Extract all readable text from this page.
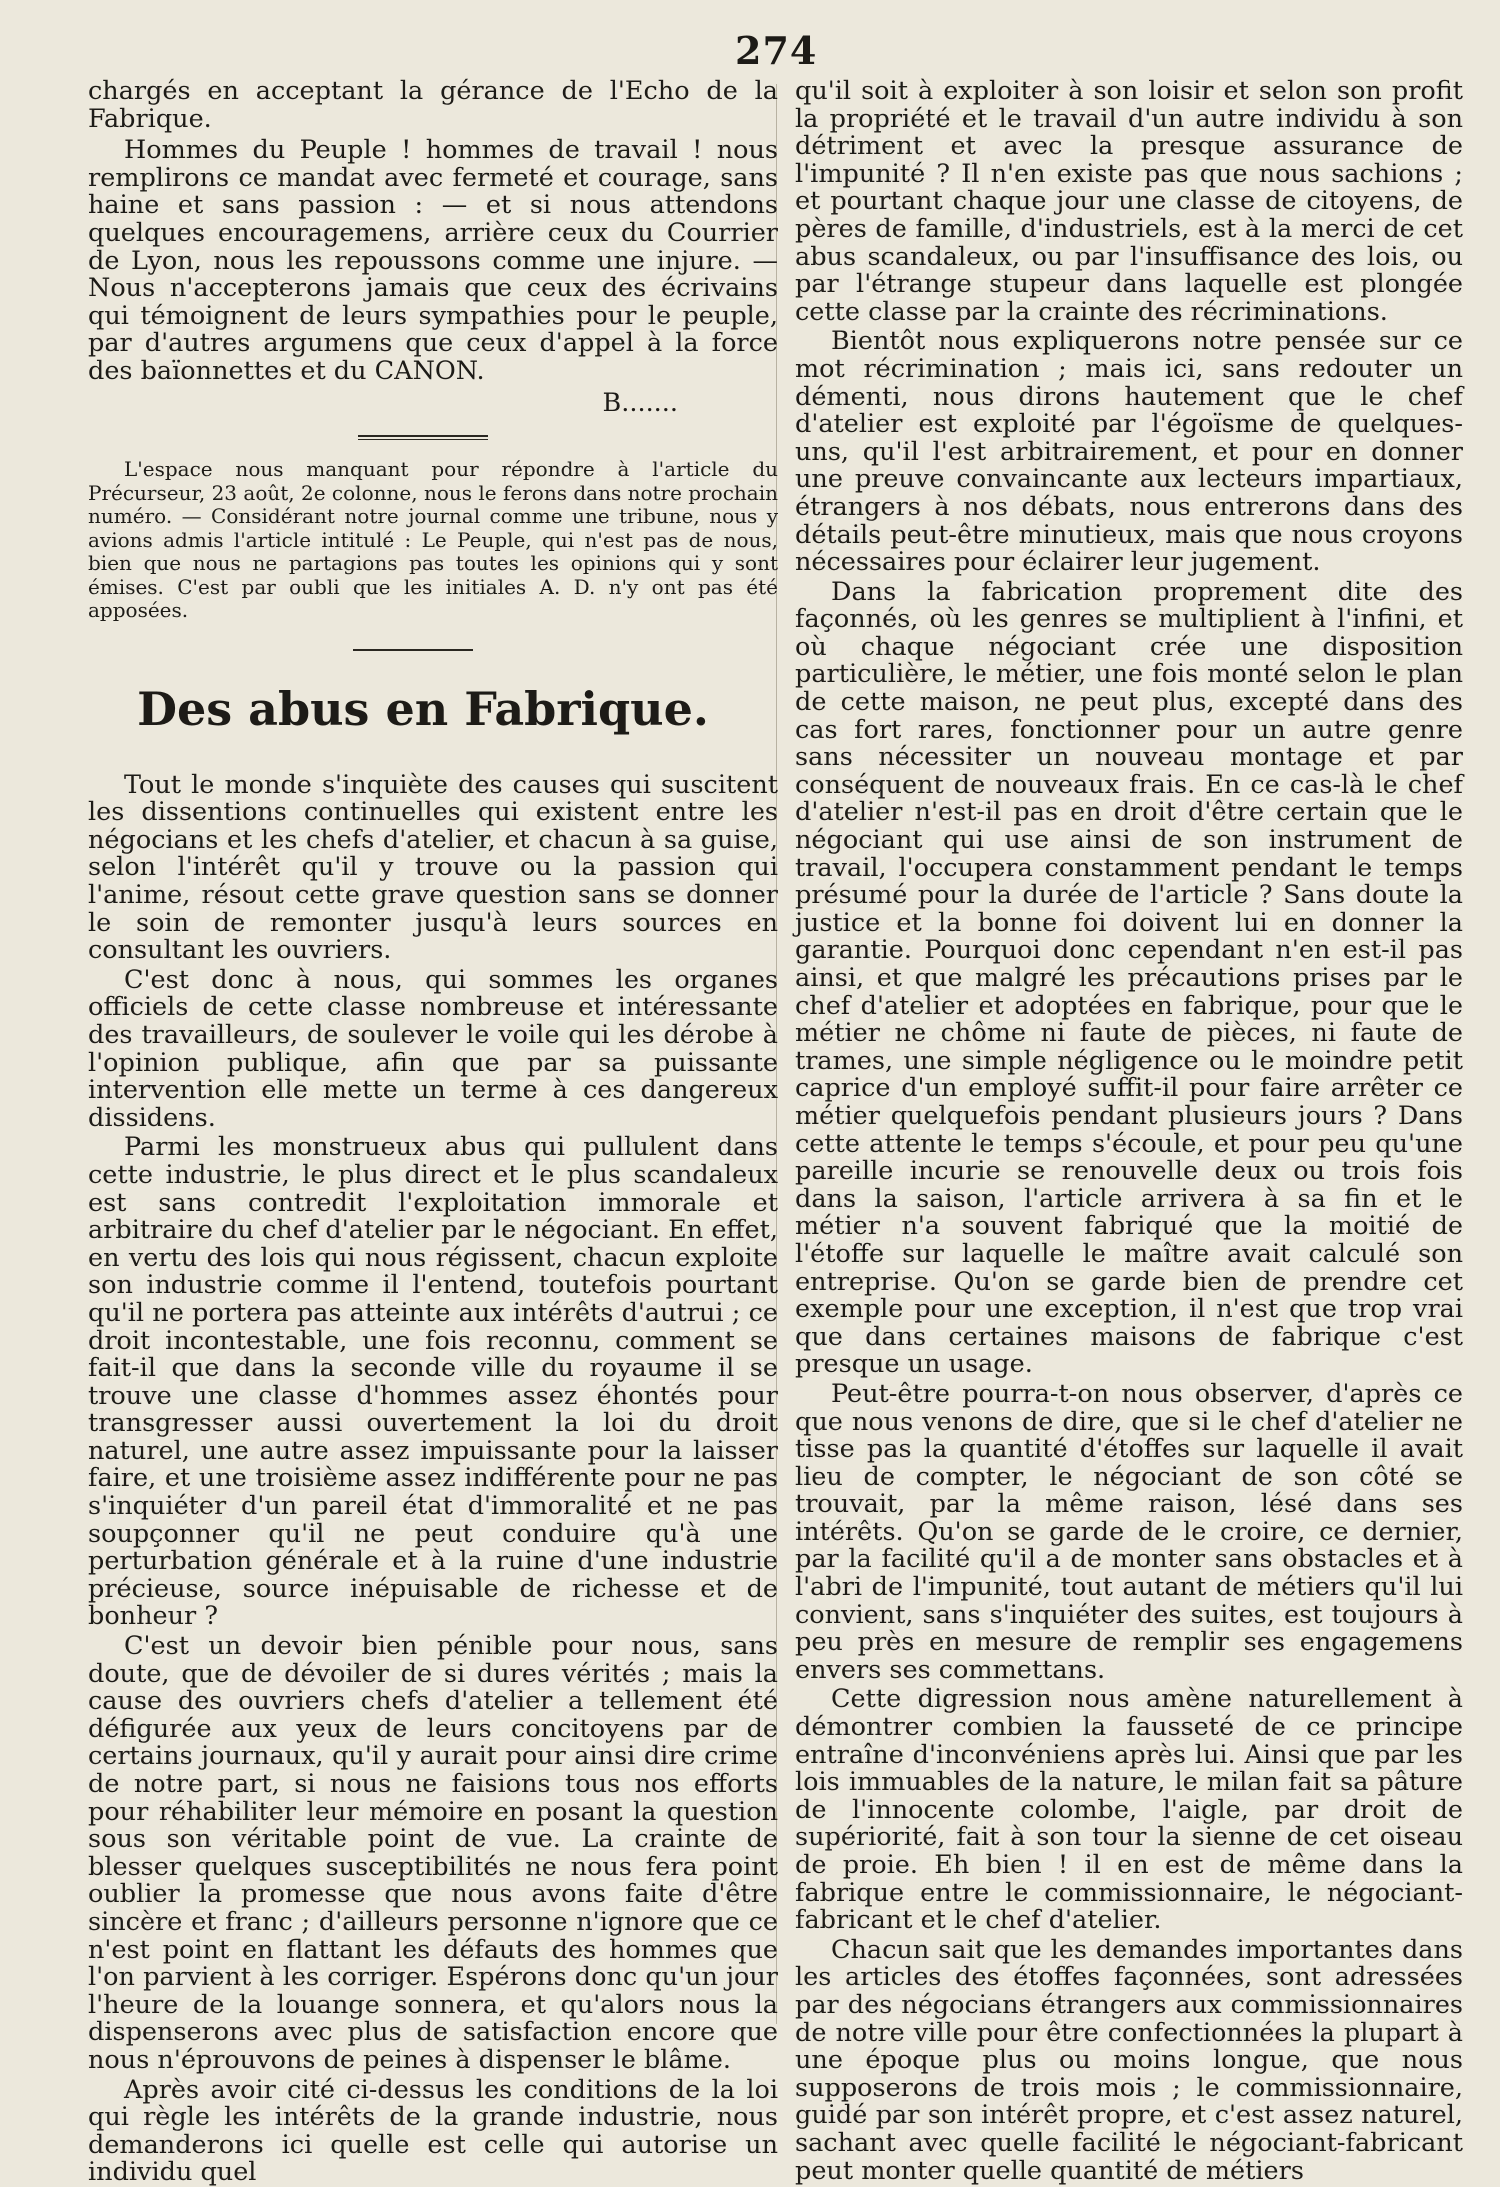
274

chargés en acceptant la gérance de l'Echo de la Fabrique.

Hommes du Peuple ! hommes de travail ! nous remplirons ce mandat avec fermeté et courage, sans haine et sans passion : — et si nous attendons quelques encouragemens, arrière ceux du Courrier de Lyon, nous les repoussons comme une injure. — Nous n'accepterons jamais que ceux des écrivains qui témoignent de leurs sympathies pour le peuple, par d'autres argumens que ceux d'appel à la force des baïonnettes et du CANON.

B.......

L'espace nous manquant pour répondre à l'article du Précurseur, 23 août, 2e colonne, nous le ferons dans notre prochain numéro. — Considérant notre journal comme une tribune, nous y avions admis l'article intitulé : Le Peuple, qui n'est pas de nous, bien que nous ne partagions pas toutes les opinions qui y sont émises. C'est par oubli que les initiales A. D. n'y ont pas été apposées.

Des abus en Fabrique.

Tout le monde s'inquiète des causes qui suscitent les dissentions continuelles qui existent entre les négocians et les chefs d'atelier, et chacun à sa guise, selon l'intérêt qu'il y trouve ou la passion qui l'anime, résout cette grave question sans se donner le soin de remonter jusqu'à leurs sources en consultant les ouvriers.

C'est donc à nous, qui sommes les organes officiels de cette classe nombreuse et intéressante des travailleurs, de soulever le voile qui les dérobe à l'opinion publique, afin que par sa puissante intervention elle mette un terme à ces dangereux dissidens.

Parmi les monstrueux abus qui pullulent dans cette industrie, le plus direct et le plus scandaleux est sans contredit l'exploitation immorale et arbitraire du chef d'atelier par le négociant. En effet, en vertu des lois qui nous régissent, chacun exploite son industrie comme il l'entend, toutefois pourtant qu'il ne portera pas atteinte aux intérêts d'autrui ; ce droit incontestable, une fois reconnu, comment se fait-il que dans la seconde ville du royaume il se trouve une classe d'hommes assez éhontés pour transgresser aussi ouvertement la loi du droit naturel, une autre assez impuissante pour la laisser faire, et une troisième assez indifférente pour ne pas s'inquiéter d'un pareil état d'immoralité et ne pas soupçonner qu'il ne peut conduire qu'à une perturbation générale et à la ruine d'une industrie précieuse, source inépuisable de richesse et de bonheur ?

C'est un devoir bien pénible pour nous, sans doute, que de dévoiler de si dures vérités ; mais la cause des ouvriers chefs d'atelier a tellement été défigurée aux yeux de leurs concitoyens par de certains journaux, qu'il y aurait pour ainsi dire crime de notre part, si nous ne faisions tous nos efforts pour réhabiliter leur mémoire en posant la question sous son véritable point de vue. La crainte de blesser quelques susceptibilités ne nous fera point oublier la promesse que nous avons faite d'être sincère et franc ; d'ailleurs personne n'ignore que ce n'est point en flattant les défauts des hommes que l'on parvient à les corriger. Espérons donc qu'un jour l'heure de la louange sonnera, et qu'alors nous la dispenserons avec plus de satisfaction encore que nous n'éprouvons de peines à dispenser le blâme.

Après avoir cité ci-dessus les conditions de la loi qui règle les intérêts de la grande industrie, nous demanderons ici quelle est celle qui autorise un individu quel

qu'il soit à exploiter à son loisir et selon son profit la propriété et le travail d'un autre individu à son détriment et avec la presque assurance de l'impunité ? Il n'en existe pas que nous sachions ; et pourtant chaque jour une classe de citoyens, de pères de famille, d'industriels, est à la merci de cet abus scandaleux, ou par l'insuffisance des lois, ou par l'étrange stupeur dans laquelle est plongée cette classe par la crainte des récriminations.

Bientôt nous expliquerons notre pensée sur ce mot récrimination ; mais ici, sans redouter un démenti, nous dirons hautement que le chef d'atelier est exploité par l'égoïsme de quelques-uns, qu'il l'est arbitrairement, et pour en donner une preuve convaincante aux lecteurs impartiaux, étrangers à nos débats, nous entrerons dans des détails peut-être minutieux, mais que nous croyons nécessaires pour éclairer leur jugement.

Dans la fabrication proprement dite des façonnés, où les genres se multiplient à l'infini, et où chaque négociant crée une disposition particulière, le métier, une fois monté selon le plan de cette maison, ne peut plus, excepté dans des cas fort rares, fonctionner pour un autre genre sans nécessiter un nouveau montage et par conséquent de nouveaux frais. En ce cas-là le chef d'atelier n'est-il pas en droit d'être certain que le négociant qui use ainsi de son instrument de travail, l'occupera constamment pendant le temps présumé pour la durée de l'article ? Sans doute la justice et la bonne foi doivent lui en donner la garantie. Pourquoi donc cependant n'en est-il pas ainsi, et que malgré les précautions prises par le chef d'atelier et adoptées en fabrique, pour que le métier ne chôme ni faute de pièces, ni faute de trames, une simple négligence ou le moindre petit caprice d'un employé suffit-il pour faire arrêter ce métier quelquefois pendant plusieurs jours ? Dans cette attente le temps s'écoule, et pour peu qu'une pareille incurie se renouvelle deux ou trois fois dans la saison, l'article arrivera à sa fin et le métier n'a souvent fabriqué que la moitié de l'étoffe sur laquelle le maître avait calculé son entreprise. Qu'on se garde bien de prendre cet exemple pour une exception, il n'est que trop vrai que dans certaines maisons de fabrique c'est presque un usage.

Peut-être pourra-t-on nous observer, d'après ce que nous venons de dire, que si le chef d'atelier ne tisse pas la quantité d'étoffes sur laquelle il avait lieu de compter, le négociant de son côté se trouvait, par la même raison, lésé dans ses intérêts. Qu'on se garde de le croire, ce dernier, par la facilité qu'il a de monter sans obstacles et à l'abri de l'impunité, tout autant de métiers qu'il lui convient, sans s'inquiéter des suites, est toujours à peu près en mesure de remplir ses engagemens envers ses commettans.

Cette digression nous amène naturellement à démontrer combien la fausseté de ce principe entraîne d'inconvéniens après lui. Ainsi que par les lois immuables de la nature, le milan fait sa pâture de l'innocente colombe, l'aigle, par droit de supériorité, fait à son tour la sienne de cet oiseau de proie. Eh bien ! il en est de même dans la fabrique entre le commissionnaire, le négociant-fabricant et le chef d'atelier.

Chacun sait que les demandes importantes dans les articles des étoffes façonnées, sont adressées par des négocians étrangers aux commissionnaires de notre ville pour être confectionnées la plupart à une époque plus ou moins longue, que nous supposerons de trois mois ; le commissionnaire, guidé par son intérêt propre, et c'est assez naturel, sachant avec quelle facilité le négociant-fabricant peut monter quelle quantité de métiers
